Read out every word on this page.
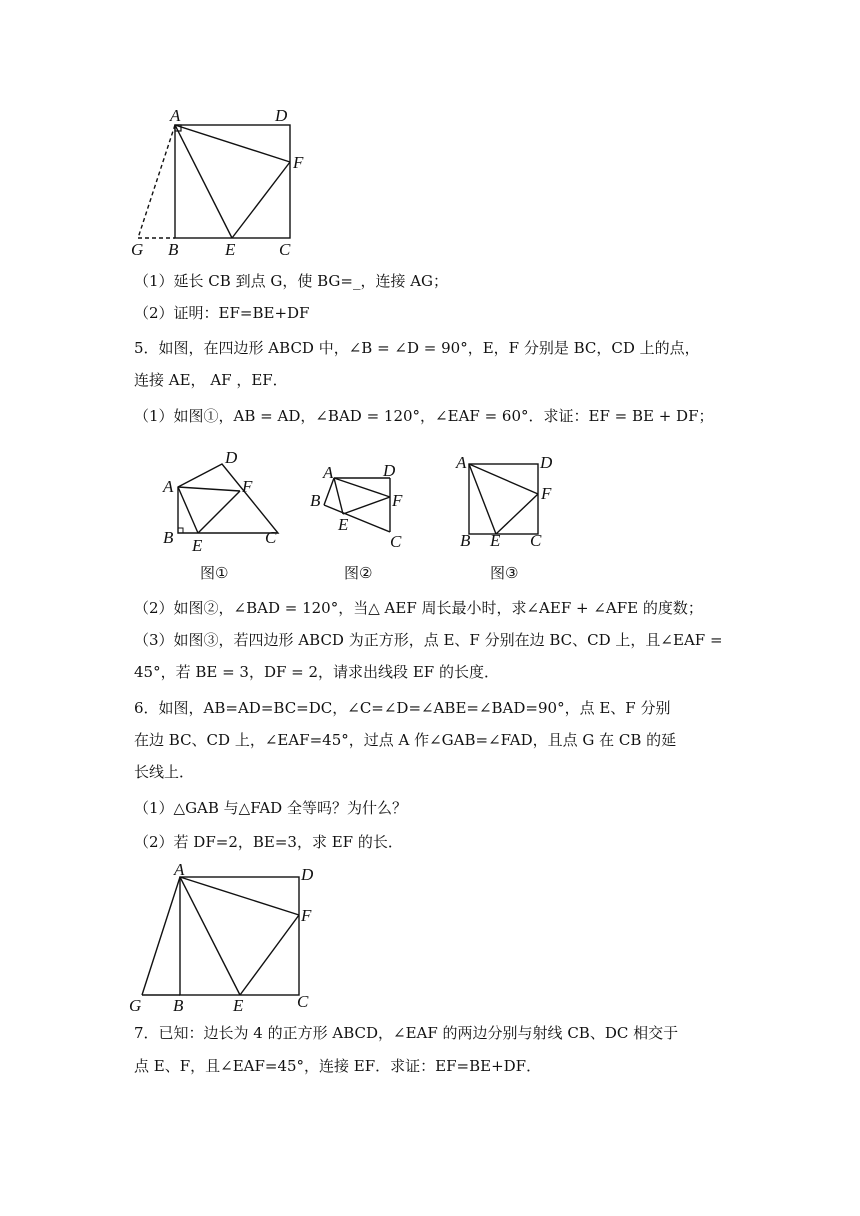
A	D
F
G B	E	C
（1）延长 CB 到点 G，使 BG=_，连接 AG；
（2）证明：EF=BE+DF
5．如图，在四边形 ABCD 中，∠B = ∠D = 90°，E，F 分别是 BC，CD 上的点，
连接 AE， AF ，EF．
（1）如图①，AB = AD，∠BAD = 120°，∠EAF = 60°．求证：EF = BE + DF；
A
D
F
B E	C
图①
A	D
F
B
E
C
图②
A	D
F
B E C
图③
（2）如图②，∠BAD = 120°，当△ AEF 周长最小时，求∠AEF + ∠AFE 的度数；
（3）如图③，若四边形 ABCD 为正方形，点 E、F 分别在边 BC、CD 上，且∠EAF =
45°，若 BE = 3，DF = 2，请求出线段 EF 的长度．
6．如图，AB=AD=BC=DC，∠C=∠D=∠ABE=∠BAD=90°，点 E、F 分别
在边 BC、CD 上，∠EAF=45°，过点 A 作∠GAB=∠FAD，且点 G 在 CB 的延
长线上．
（1）△GAB 与△FAD 全等吗？为什么？
（2）若 DF=2，BE=3，求 EF 的长．
A	D
F
G B	E	C
7．已知：边长为 4 的正方形 ABCD，∠EAF 的两边分别与射线 CB、DC 相交于
点 E、F，且∠EAF=45°，连接 EF．求证：EF=BE+DF．
